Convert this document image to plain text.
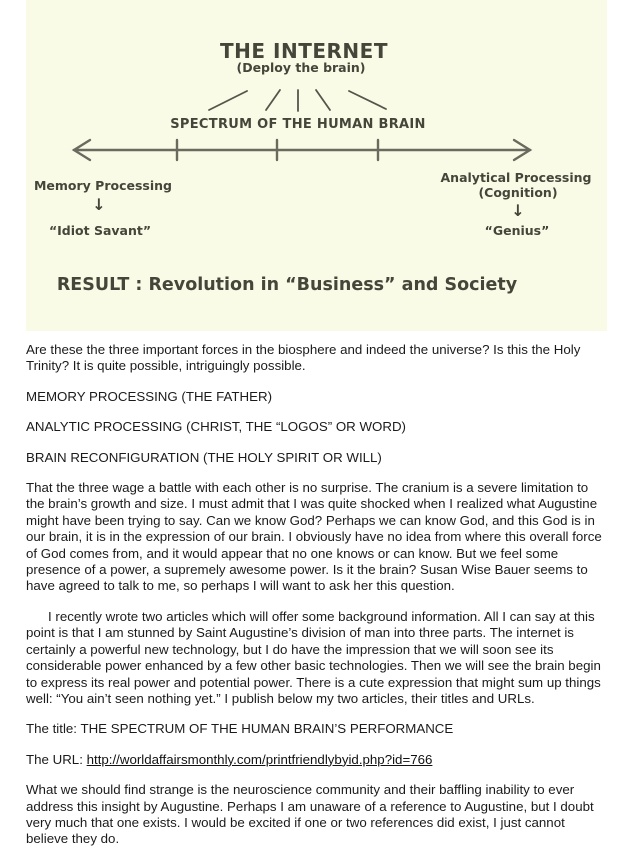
THE INTERNET
(Deploy the brain)
SPECTRUM OF THE HUMAN BRAIN
Memory Processing
↓
“Idiot Savant”
Analytical Processing
(Cognition)
↓
“Genius”
RESULT : Revolution in “Business” and Society

Are these the three important forces in the biosphere and indeed the universe? Is this the Holy Trinity? It is quite possible, intriguingly possible.

MEMORY PROCESSING (THE FATHER)

ANALYTIC PROCESSING (CHRIST, THE “LOGOS” OR WORD)

BRAIN RECONFIGURATION (THE HOLY SPIRIT OR WILL)

That the three wage a battle with each other is no surprise. The cranium is a severe limitation to the brain’s growth and size. I must admit that I was quite shocked when I realized what Augustine might have been trying to say. Can we know God? Perhaps we can know God, and this God is in our brain, it is in the expression of our brain. I obviously have no idea from where this overall force of God comes from, and it would appear that no one knows or can know. But we feel some presence of a power, a supremely awesome power. Is it the brain? Susan Wise Bauer seems to have agreed to talk to me, so perhaps I will want to ask her this question.

I recently wrote two articles which will offer some background information. All I can say at this point is that I am stunned by Saint Augustine’s division of man into three parts. The internet is certainly a powerful new technology, but I do have the impression that we will soon see its considerable power enhanced by a few other basic technologies. Then we will see the brain begin to express its real power and potential power. There is a cute expression that might sum up things well: “You ain’t seen nothing yet.” I publish below my two articles, their titles and URLs.

The title: THE SPECTRUM OF THE HUMAN BRAIN’S PERFORMANCE

The URL: http://worldaffairsmonthly.com/printfriendlybyid.php?id=766

What we should find strange is the neuroscience community and their baffling inability to ever address this insight by Augustine. Perhaps I am unaware of a reference to Augustine, but I doubt very much that one exists. I would be excited if one or two references did exist, I just cannot believe they do.
